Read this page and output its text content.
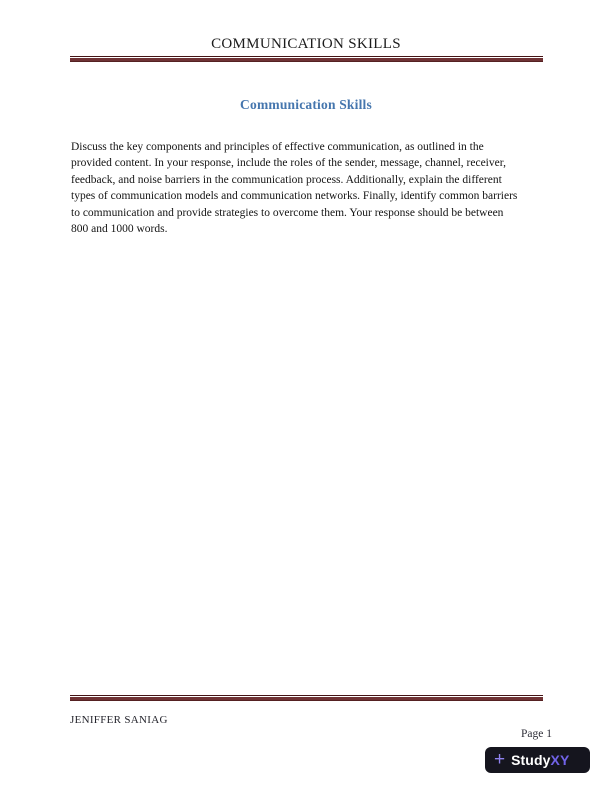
COMMUNICATION SKILLS
Communication Skills
Discuss the key components and principles of effective communication, as outlined in the
provided content. In your response, include the roles of the sender, message, channel, receiver,
feedback, and noise barriers in the communication process. Additionally, explain the different
types of communication models and communication networks. Finally, identify common barriers
to communication and provide strategies to overcome them. Your response should be between
800 and 1000 words.
JENIFFER SANIAG
Page 1
+ Study XY
